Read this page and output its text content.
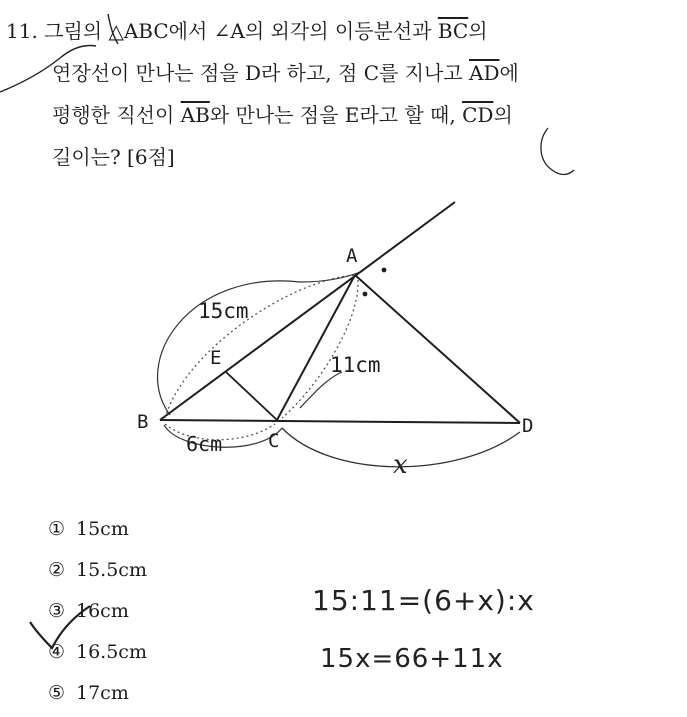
11. 그림의 △ABC에서 ∠A의 외각의 이등분선과 $\overline{BC}$의
연장선이 만나는 점을 D라 하고, 점 C를 지나고 $\overline{AD}$에
평행한 직선이 $\overline{AB}$와 만나는 점을 E라고 할 때, $\overline{CD}$의
길이는? [6점]
A
B
C
D
E
15cm
11cm
6cm
x
① 15cm
② 15.5cm
③ 16cm
④ 16.5cm
⑤ 17cm
15:11=(6+x):x
15x=66+11x
